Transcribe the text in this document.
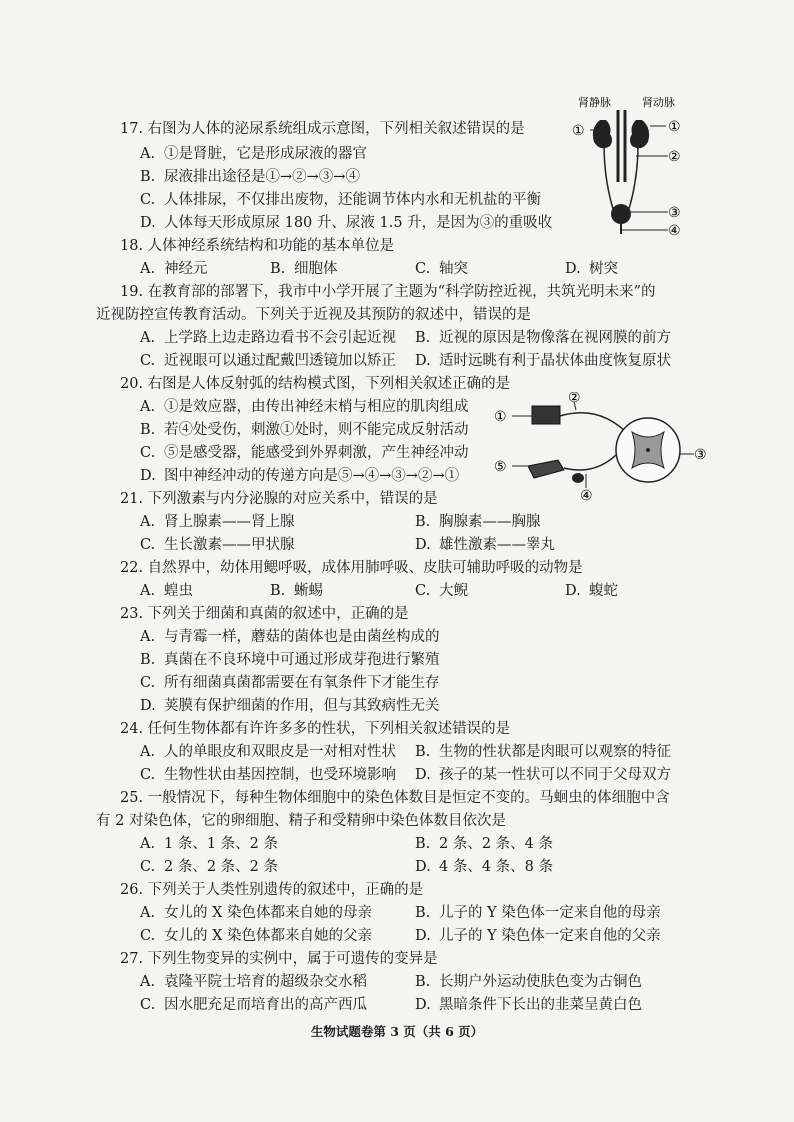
17. 右图为人体的泌尿系统组成示意图，下列相关叙述错误的是
A. ①是肾脏，它是形成尿液的器官
B. 尿液排出途径是①→②→③→④
C. 人体排尿，不仅排出废物，还能调节体内水和无机盐的平衡
D. 人体每天形成原尿 180 升、尿液 1.5 升，是因为③的重吸收
肾静脉	肾动脉
①	①
②
③
④
18. 人体神经系统结构和功能的基本单位是
A. 神经元	B. 细胞体	C. 轴突	D. 树突
19. 在教育部的部署下，我市中小学开展了主题为“科学防控近视，共筑光明未来”的
近视防控宣传教育活动。下列关于近视及其预防的叙述中，错误的是
A. 上学路上边走路边看书不会引起近视 B. 近视的原因是物像落在视网膜的前方
C. 近视眼可以通过配戴凹透镜加以矫正 D. 适时远眺有利于晶状体曲度恢复原状
20. 右图是人体反射弧的结构模式图，下列相关叙述正确的是
A. ①是效应器，由传出神经末梢与相应的肌肉组成
B. 若④处受伤，刺激①处时，则不能完成反射活动
C. ⑤是感受器，能感受到外界刺激，产生神经冲动
D. 图中神经冲动的传递方向是⑤→④→③→②→①
①
②
③
④
⑤
21. 下列激素与内分泌腺的对应关系中，错误的是
A. 肾上腺素——肾上腺	B. 胸腺素——胸腺
C. 生长激素——甲状腺	D. 雄性激素——睾丸
22. 自然界中，幼体用鳃呼吸，成体用肺呼吸、皮肤可辅助呼吸的动物是
A. 蝗虫	B. 蜥蜴	C. 大鲵	D. 蝮蛇
23. 下列关于细菌和真菌的叙述中，正确的是
A. 与青霉一样，蘑菇的菌体也是由菌丝构成的
B. 真菌在不良环境中可通过形成芽孢进行繁殖
C. 所有细菌真菌都需要在有氧条件下才能生存
D. 荚膜有保护细菌的作用，但与其致病性无关
24. 任何生物体都有许许多多的性状，下列相关叙述错误的是
A. 人的单眼皮和双眼皮是一对相对性状 B. 生物的性状都是肉眼可以观察的特征
C. 生物性状由基因控制，也受环境影响 D. 孩子的某一性状可以不同于父母双方
25. 一般情况下，每种生物体细胞中的染色体数目是恒定不变的。马蛔虫的体细胞中含
有 2 对染色体，它的卵细胞、精子和受精卵中染色体数目依次是
A. 1 条、1 条、2 条	B. 2 条、2 条、4 条
C. 2 条、2 条、2 条	D. 4 条、4 条、8 条
26. 下列关于人类性别遗传的叙述中，正确的是
A. 女儿的 X 染色体都来自她的母亲	B. 儿子的 Y 染色体一定来自他的母亲
C. 女儿的 X 染色体都来自她的父亲	D. 儿子的 Y 染色体一定来自他的父亲
27. 下列生物变异的实例中，属于可遗传的变异是
A. 袁隆平院士培育的超级杂交水稻	B. 长期户外运动使肤色变为古铜色
C. 因水肥充足而培育出的高产西瓜	D. 黑暗条件下长出的韭菜呈黄白色
生物试题卷第 3 页（共 6 页）
